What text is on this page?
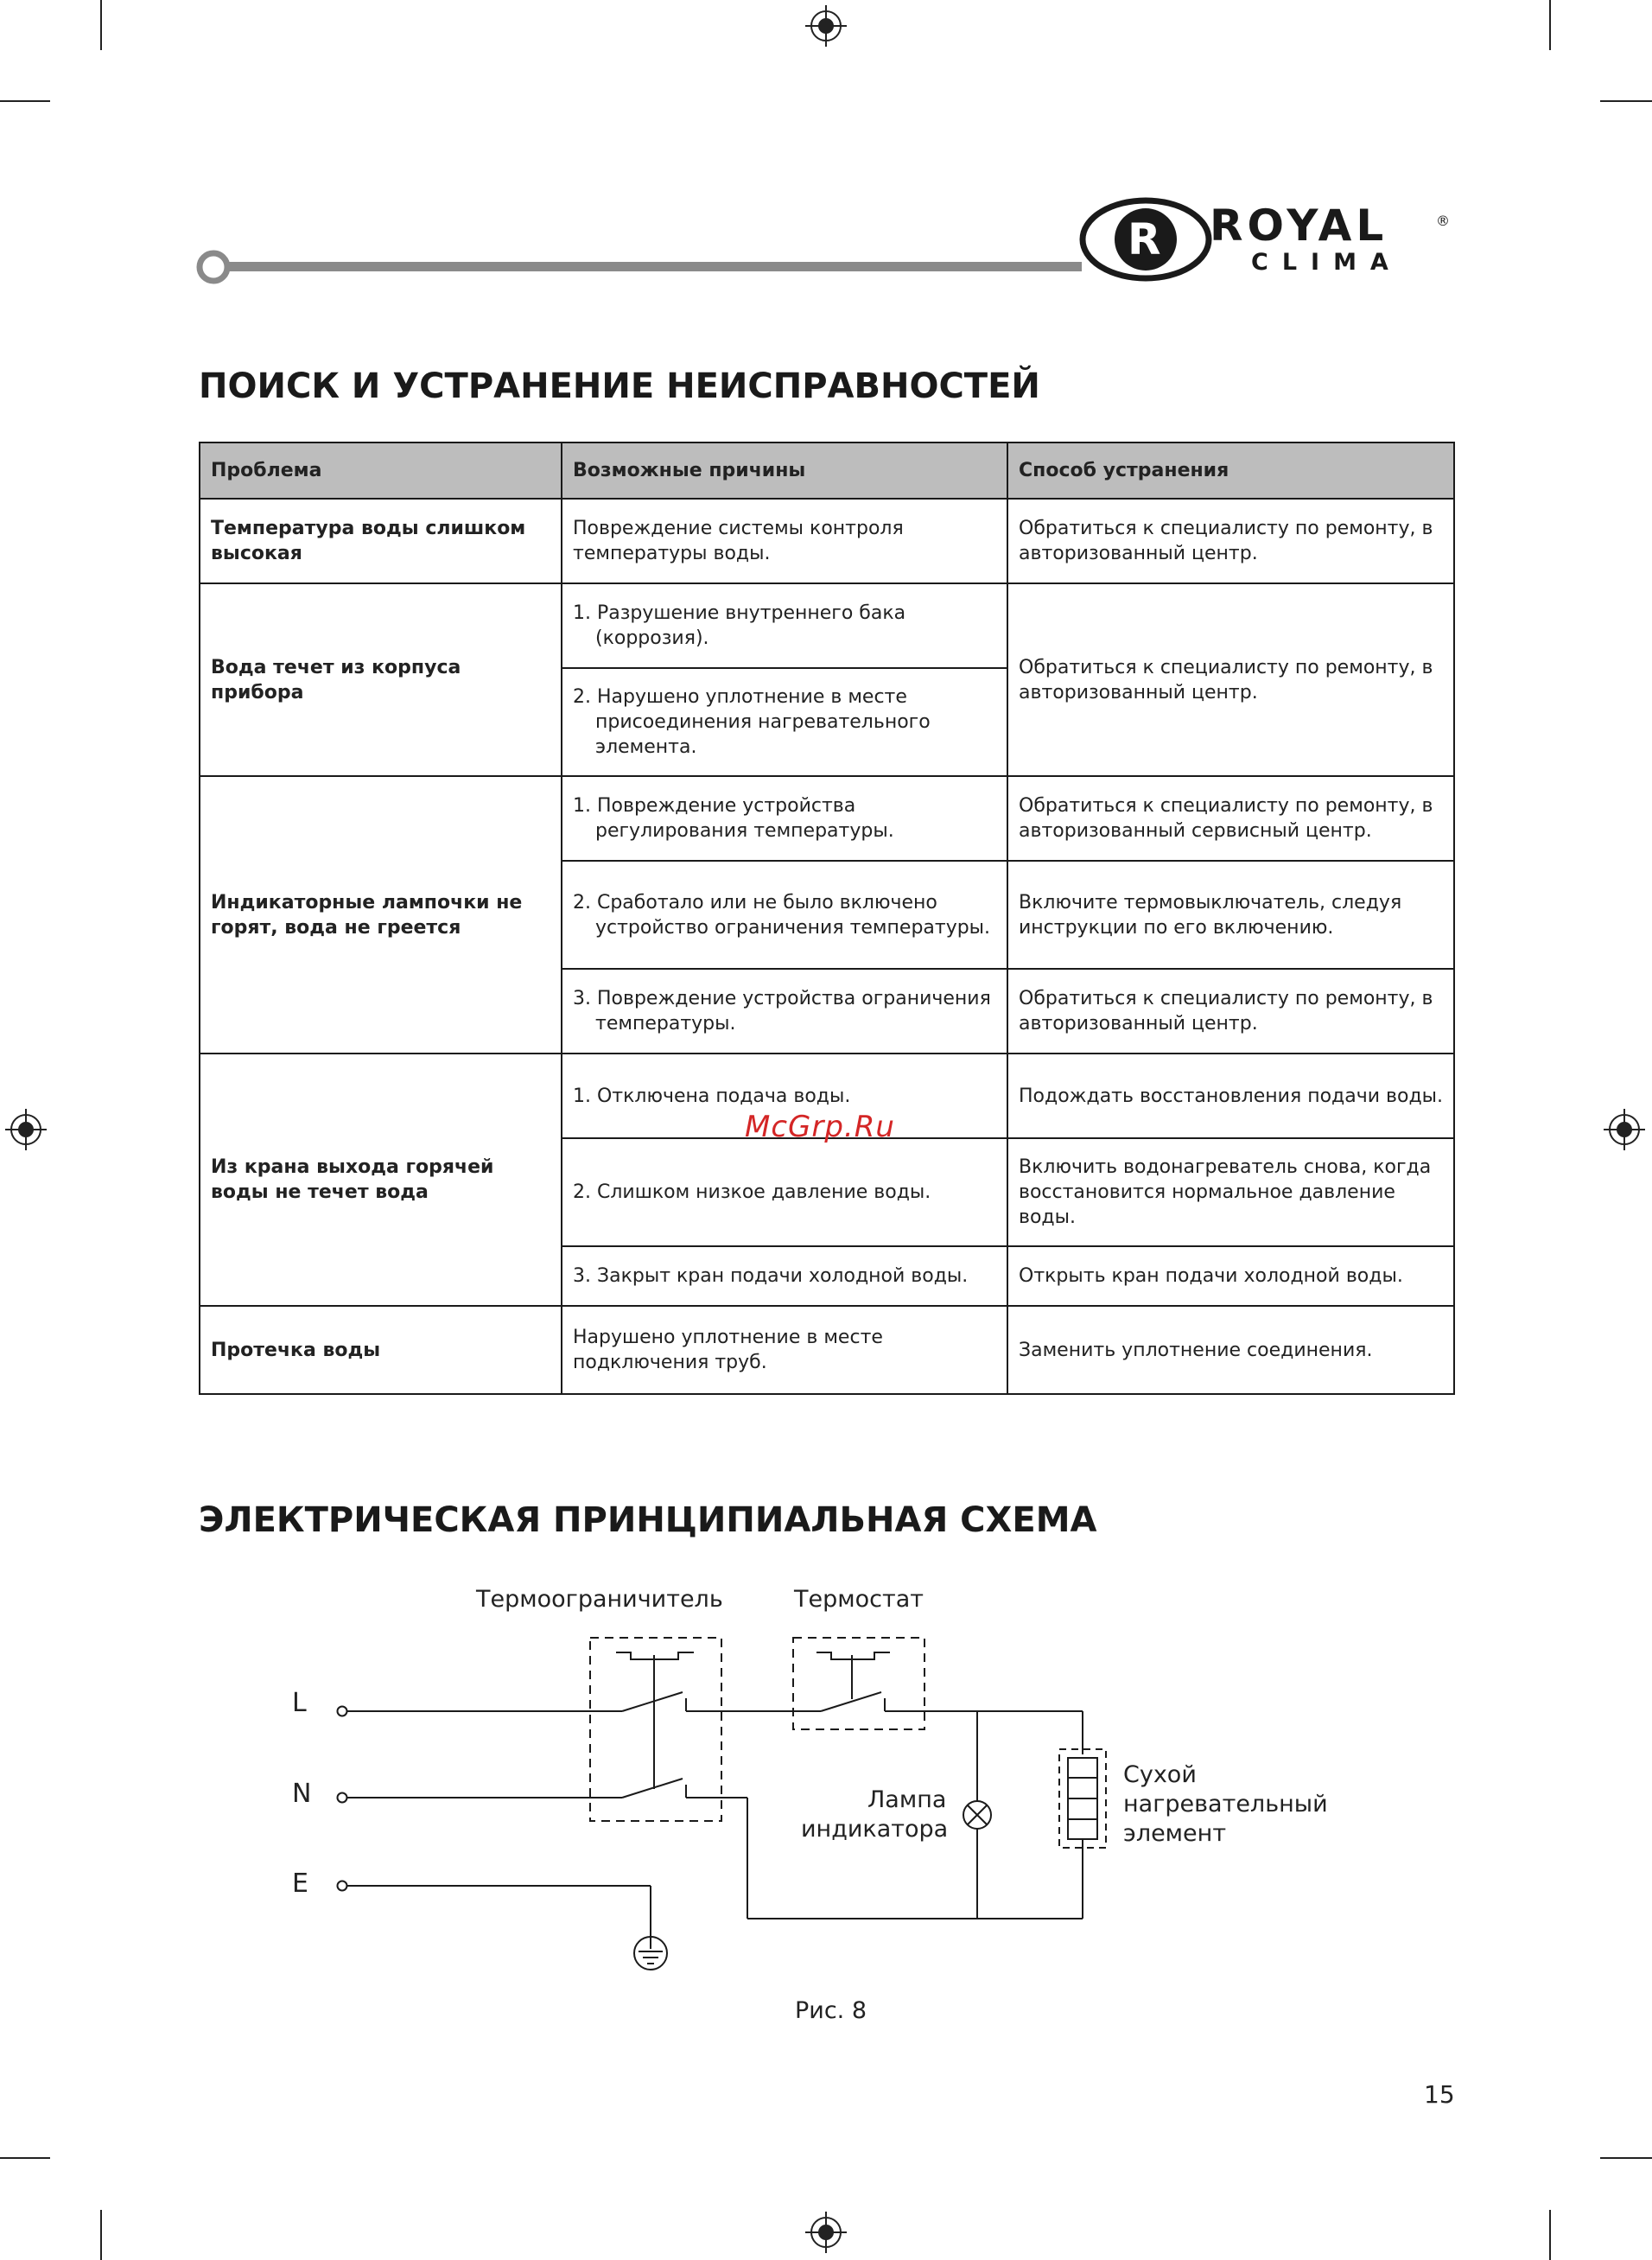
R ROYAL	®
CLIMA
ПОИСК И УСТРАНЕНИЕ НЕИСПРАВНОСТЕЙ
Проблема	Возможные причины	Способ устранения
Температура воды слишком высокая	Повреждение системы контроля температуры воды.	Обратиться к специалисту по ремонту, в авторизованный центр.
Вода течет из корпуса прибора	1. Разрушение внутреннего бака (коррозия).	Обратиться к специалисту по ремонту, в авторизованный центр.

	2. Нарушено уплотнение в месте присоединения нагревательного элемента.	

Индикаторные лампочки не горят, вода не греется	1. Повреждение устройства регулирования температуры.	Обратиться к специалисту по ремонту, в авторизованный сервисный центр.

	2. Сработало или не было включено устройство ограничения температуры.	Включите термовыключатель, следуя инструкции по его включению.

	3. Повреждение устройства ограничения температуры.	Обратиться к специалисту по ремонту, в авторизованный центр.
Из крана выхода горячей воды не течет вода	1. Отключена подача воды.	Подождать восстановления подачи воды.

	2. Слишком низкое давление воды.	Включить водонагреватель снова, когда восстановится нормальное давление воды.

	3. Закрыт кран подачи холодной воды.	Открыть кран подачи холодной воды.
Протечка воды	Нарушено уплотнение в месте подключения труб.	Заменить уплотнение соединения.
McGrp.Ru
ЭЛЕКТРИЧЕСКАЯ ПРИНЦИПИАЛЬНАЯ СХЕМА
Термоограничитель	Термостат
L
N
E
Лампа
индикатора
Сухой
нагревательный
элемент
Рис. 8
15
